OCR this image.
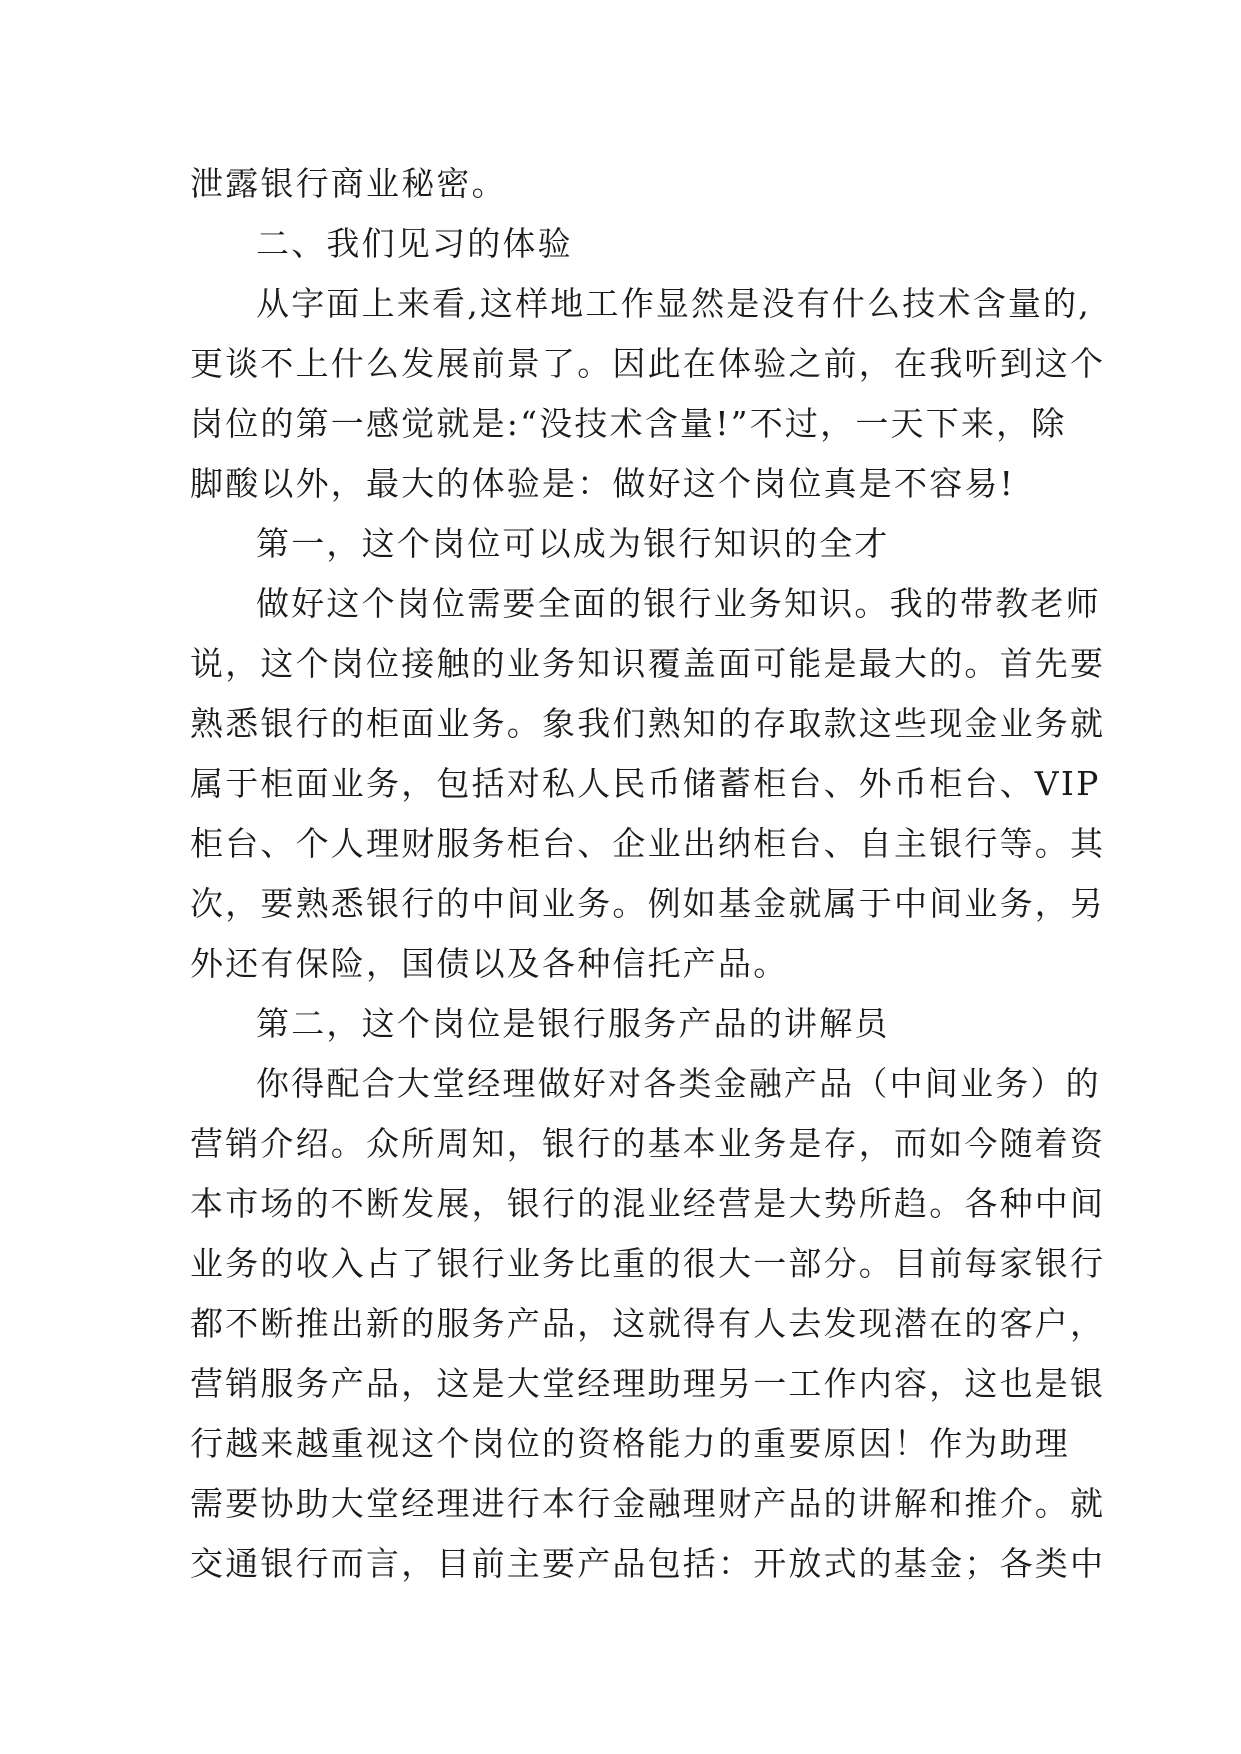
泄露银行商业秘密。
二、我们见习的体验
从字面上来看,这样地工作显然是没有什么技术含量的,
更谈不上什么发展前景了。因此在体验之前，在我听到这个
岗位的第一感觉就是:“没技术含量!”不过，一天下来，除
脚酸以外，最大的体验是：做好这个岗位真是不容易!
第一，这个岗位可以成为银行知识的全才
做好这个岗位需要全面的银行业务知识。我的带教老师
说，这个岗位接触的业务知识覆盖面可能是最大的。首先要
熟悉银行的柜面业务。象我们熟知的存取款这些现金业务就
属于柜面业务，包括对私人民币储蓄柜台、外币柜台、VIP
柜台、个人理财服务柜台、企业出纳柜台、自主银行等。其
次，要熟悉银行的中间业务。例如基金就属于中间业务，另
外还有保险，国债以及各种信托产品。
第二，这个岗位是银行服务产品的讲解员
你得配合大堂经理做好对各类金融产品（中间业务）的
营销介绍。众所周知，银行的基本业务是存，而如今随着资
本市场的不断发展，银行的混业经营是大势所趋。各种中间
业务的收入占了银行业务比重的很大一部分。目前每家银行
都不断推出新的服务产品，这就得有人去发现潜在的客户，
营销服务产品，这是大堂经理助理另一工作内容，这也是银
行越来越重视这个岗位的资格能力的重要原因！作为助理
需要协助大堂经理进行本行金融理财产品的讲解和推介。就
交通银行而言，目前主要产品包括：开放式的基金；各类中
